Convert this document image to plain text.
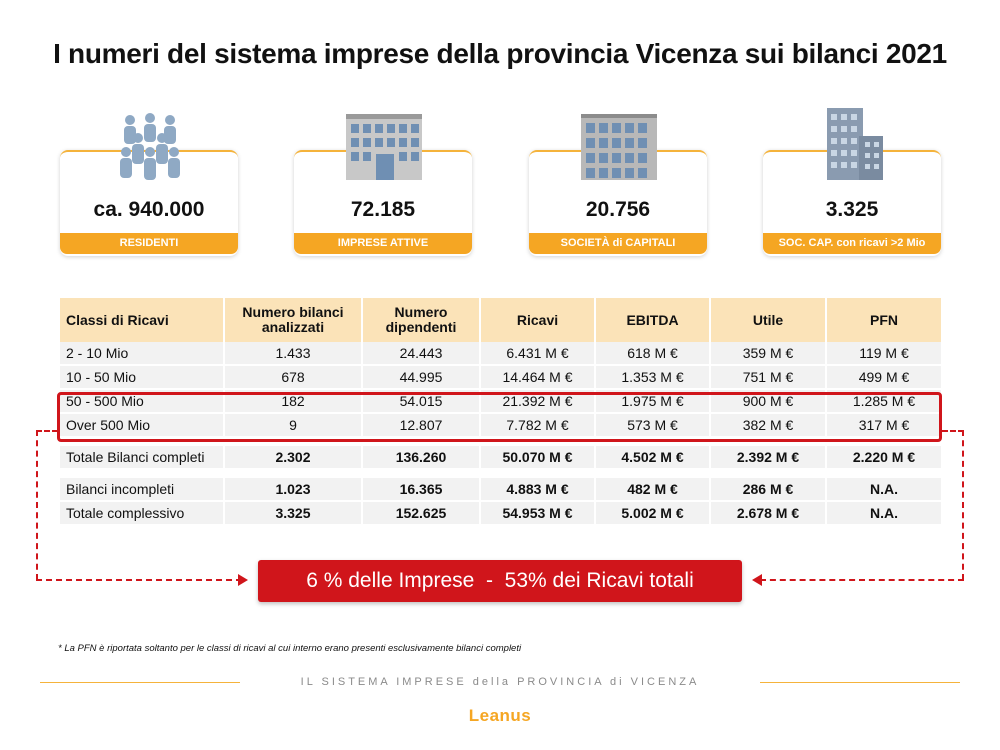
I numeri del sistema imprese della provincia Vicenza sui bilanci 2021
ca. 940.000
RESIDENTI
72.185
IMPRESE ATTIVE
20.756
SOCIETÀ di CAPITALI
3.325
SOC. CAP. con ricavi >2 Mio
Classi di Ricavi	Numero bilanci analizzati	Numero dipendenti	Ricavi	EBITDA	Utile	PFN
2 - 10 Mio	1.433	24.443	6.431 M €	618 M €	359 M €	119 M €
10 - 50 Mio	678	44.995	14.464 M €	1.353 M €	751 M €	499 M €
50 - 500 Mio	182	54.015	21.392 M €	1.975 M €	900 M €	1.285 M €
Over 500 Mio	9	12.807	7.782 M €	573 M €	382 M €	317 M €

Totale Bilanci completi	2.302	136.260	50.070 M €	4.502 M €	2.392 M €	2.220 M €

Bilanci incompleti	1.023	16.365	4.883 M €	482 M €	286 M €	N.A.
Totale complessivo	3.325	152.625	54.953 M €	5.002 M €	2.678 M €	N.A.
6 % delle Imprese  -  53% dei Ricavi totali
* La PFN è riportata soltanto per le classi di ricavi al cui interno erano presenti esclusivamente bilanci completi
IL SISTEMA IMPRESE della PROVINCIA di VICENZA
Leanus
